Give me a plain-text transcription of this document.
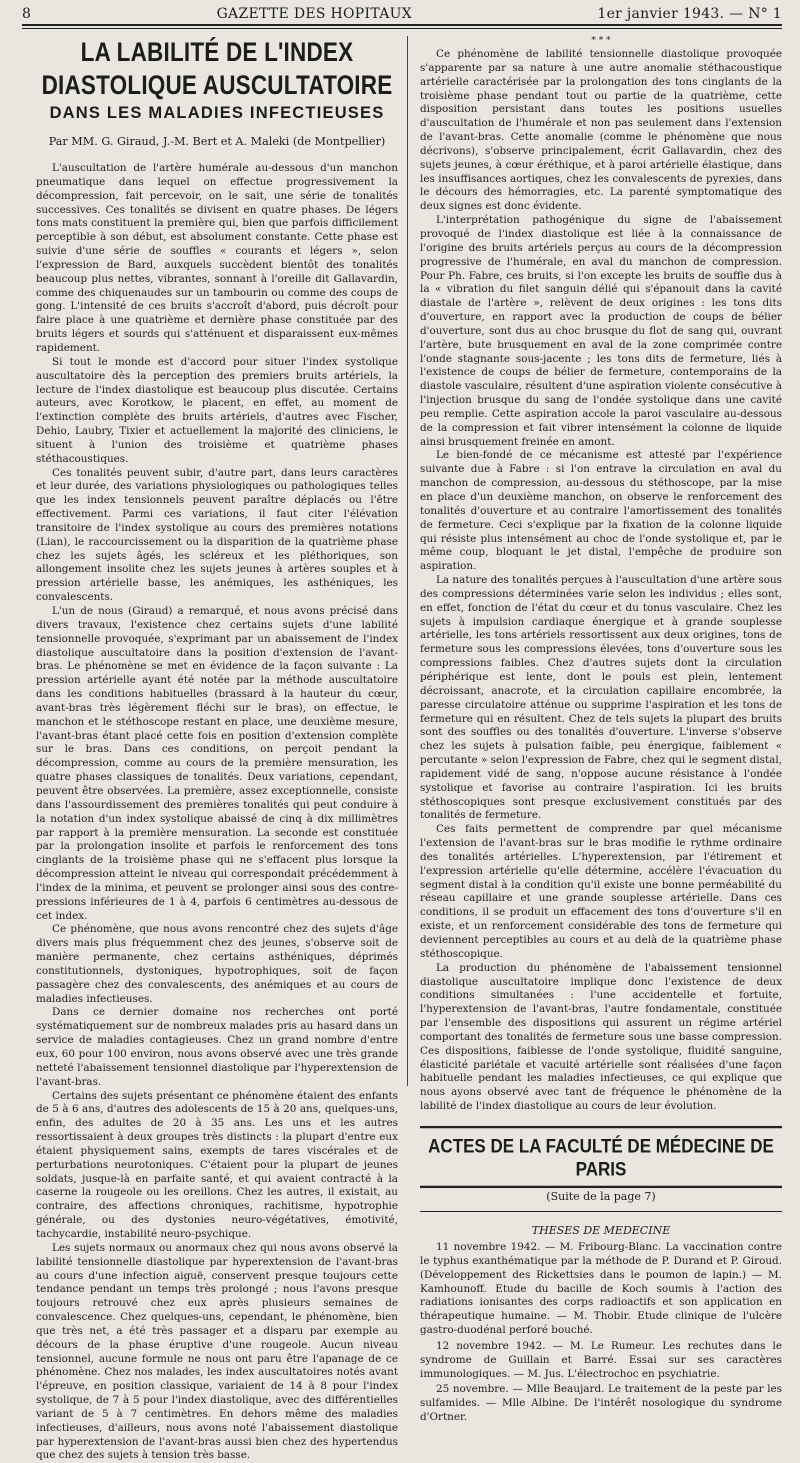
8	GAZETTE DES HOPITAUX	1er janvier 1943. — N° 1
LA LABILITÉ DE L'INDEX DIASTOLIQUE AUSCULTATOIRE
DANS LES MALADIES INFECTIEUSES
Par MM. G. Giraud, J.-M. Bert et A. Maleki (de Montpellier)

L'auscultation de l'artère humérale au-dessous d'un manchon pneumatique dans lequel on effectue progressivement la décompression, fait percevoir, on le sait, une série de tonalités successives. Ces tonalités se divisent en quatre phases. De légers tons mats constituent la première qui, bien que parfois difficilement perceptible à son début, est absolument constante. Cette phase est suivie d'une série de souffles « courants et légers », selon l'expression de Bard, auxquels succèdent bientôt des tonalités beaucoup plus nettes, vibrantes, sonnant à l'oreille dit Gallavardin, comme des chiquenaudes sur un tambourin ou comme des coups de gong. L'intensité de ces bruits s'accroît d'abord, puis décroît pour faire place à une quatrième et dernière phase constituée par des bruits légers et sourds qui s'atténuent et disparaissent eux-mêmes rapidement.

Si tout le monde est d'accord pour situer l'index systolique auscultatoire dès la perception des premiers bruits artériels, la lecture de l'index diastolique est beaucoup plus discutée. Certains auteurs, avec Korotkow, le placent, en effet, au moment de l'extinction complète des bruits artériels, d'autres avec Fischer, Dehio, Laubry, Tixier et actuellement la majorité des cliniciens, le situent à l'union des troisième et quatrième phases stéthacoustiques.

Ces tonalités peuvent subir, d'autre part, dans leurs caractères et leur durée, des variations physiologiques ou pathologiques telles que les index tensionnels peuvent paraître déplacés ou l'être effectivement. Parmi ces variations, il faut citer l'élévation transitoire de l'index systolique au cours des premières notations (Lian), le raccourcissement ou la disparition de la quatrième phase chez les sujets âgés, les scléreux et les pléthoriques, son allongement insolite chez les sujets jeunes à artères souples et à pression artérielle basse, les anémiques, les asthéniques, les convalescents.

L'un de nous (Giraud) a remarqué, et nous avons précisé dans divers travaux, l'existence chez certains sujets d'une labilité tensionnelle provoquée, s'exprimant par un abaissement de l'index diastolique auscultatoire dans la position d'extension de l'avant-bras. Le phénomène se met en évidence de la façon suivante : La pression artérielle ayant été notée par la méthode auscultatoire dans les conditions habituelles (brassard à la hauteur du cœur, avant-bras très légèrement fléchi sur le bras), on effectue, le manchon et le stéthoscope restant en place, une deuxième mesure, l'avant-bras étant placé cette fois en position d'extension complète sur le bras. Dans ces conditions, on perçoit pendant la décompression, comme au cours de la première mensuration, les quatre phases classiques de tonalités. Deux variations, cependant, peuvent être observées. La première, assez exceptionnelle, consiste dans l'assourdissement des premières tonalités qui peut conduire à la notation d'un index systolique abaissé de cinq à dix millimètres par rapport à la première mensuration. La seconde est constituée par la prolongation insolite et parfois le renforcement des tons cinglants de la troisième phase qui ne s'effacent plus lorsque la décompression atteint le niveau qui correspondait précédemment à l'index de la minima, et peuvent se prolonger ainsi sous des contre-pressions inférieures de 1 à 4, parfois 6 centimètres au-dessous de cet index.

Ce phénomène, que nous avons rencontré chez des sujets d'âge divers mais plus fréquemment chez des jeunes, s'observe soit de manière permanente, chez certains asthéniques, déprimés constitutionnels, dystoniques, hypotrophiques, soit de façon passagère chez des convalescents, des anémiques et au cours de maladies infectieuses.

Dans ce dernier domaine nos recherches ont porté systématiquement sur de nombreux malades pris au hasard dans un service de maladies contagieuses. Chez un grand nombre d'entre eux, 60 pour 100 environ, nous avons observé avec une très grande netteté l'abaissement tensionnel diastolique par l'hyperextension de l'avant-bras.

Certains des sujets présentant ce phénomène étaient des enfants de 5 à 6 ans, d'autres des adolescents de 15 à 20 ans, quelques-uns, enfin, des adultes de 20 à 35 ans. Les uns et les autres ressortissaient à deux groupes très distincts : la plupart d'entre eux étaient physiquement sains, exempts de tares viscérales et de perturbations neurotoniques. C'étaient pour la plupart de jeunes soldats, jusque-là en parfaite santé, et qui avaient contracté à la caserne la rougeole ou les oreillons. Chez les autres, il existait, au contraire, des affections chroniques, rachitisme, hypotrophie générale, ou des dystonies neuro-végétatives, émotivité, tachycardie, instabilité neuro-psychique.

Les sujets normaux ou anormaux chez qui nous avons observé la labilité tensionnelle diastolique par hyperextension de l'avant-bras au cours d'une infection aiguë, conservent presque toujours cette tendance pendant un temps très prolongé ; nous l'avons presque toujours retrouvé chez eux après plusieurs semaines de convalescence. Chez quelques-uns, cependant, le phénomène, bien que très net, a été très passager et a disparu par exemple au décours de la phase éruptive d'une rougeole. Aucun niveau tensionnel, aucune formule ne nous ont paru être l'apanage de ce phénomène. Chez nos malades, les index auscultatoires notés avant l'épreuve, en position classique, variaient de 14 à 8 pour l'index systolique, de 7 à 5 pour l'index diastolique, avec des différentielles variant de 5 à 7 centimètres. En dehors même des maladies infectieuses, d'ailleurs, nous avons noté l'abaissement diastolique par hyperextension de l'avant-bras aussi bien chez des hypertendus que chez des sujets à tension très basse.

* * *

Ce phénomène de labilité tensionnelle diastolique provoquée s'apparente par sa nature à une autre anomalie stéthacoustique artérielle caractérisée par la prolongation des tons cinglants de la troisième phase pendant tout ou partie de la quatrième, cette disposition persistant dans toutes les positions usuelles d'auscultation de l'humérale et non pas seulement dans l'extension de l'avant-bras. Cette anomalie (comme le phénomène que nous décrivons), s'observe principalement, écrit Gallavardin, chez des sujets jeunes, à cœur éréthique, et à paroi artérielle élastique, dans les insuffisances aortiques, chez les convalescents de pyrexies, dans le décours des hémorragies, etc. La parenté symptomatique des deux signes est donc évidente.

L'interprétation pathogénique du signe de l'abaissement provoqué de l'index diastolique est liée à la connaissance de l'origine des bruits artériels perçus au cours de la décompression progressive de l'humérale, en aval du manchon de compression. Pour Ph. Fabre, ces bruits, si l'on excepte les bruits de souffle dus à la « vibration du filet sanguin délié qui s'épanouit dans la cavité diastale de l'artère », relèvent de deux origines : les tons dits d'ouverture, en rapport avec la production de coups de bélier d'ouverture, sont dus au choc brusque du flot de sang qui, ouvrant l'artère, bute brusquement en aval de la zone comprimée contre l'onde stagnante sous-jacente ; les tons dits de fermeture, liés à l'existence de coups de bélier de fermeture, contemporains de la diastole vasculaire, résultent d'une aspiration violente consécutive à l'injection brusque du sang de l'ondée systolique dans une cavité peu remplie. Cette aspiration accole la paroi vasculaire au-dessous de la compression et fait vibrer intensément la colonne de liquide ainsi brusquement freinée en amont.

Le bien-fondé de ce mécanisme est attesté par l'expérience suivante due à Fabre : si l'on entrave la circulation en aval du manchon de compression, au-dessous du stéthoscope, par la mise en place d'un deuxième manchon, on observe le renforcement des tonalités d'ouverture et au contraire l'amortissement des tonalités de fermeture. Ceci s'explique par la fixation de la colonne liquide qui résiste plus intensément au choc de l'onde systolique et, par le même coup, bloquant le jet distal, l'empêche de produire son aspiration.

La nature des tonalités perçues à l'auscultation d'une artère sous des compressions déterminées varie selon les individus ; elles sont, en effet, fonction de l'état du cœur et du tonus vasculaire. Chez les sujets à impulsion cardiaque énergique et à grande souplesse artérielle, les tons artériels ressortissent aux deux origines, tons de fermeture sous les compressions élevées, tons d'ouverture sous les compressions faibles. Chez d'autres sujets dont la circulation périphérique est lente, dont le pouls est plein, lentement décroissant, anacrote, et la circulation capillaire encombrée, la paresse circulatoire atténue ou supprime l'aspiration et les tons de fermeture qui en résultent. Chez de tels sujets la plupart des bruits sont des souffles ou des tonalités d'ouverture. L'inverse s'observe chez les sujets à pulsation faible, peu énergique, faiblement « percutante » selon l'expression de Fabre, chez qui le segment distal, rapidement vidé de sang, n'oppose aucune résistance à l'ondée systolique et favorise au contraire l'aspiration. Ici les bruits stéthoscopiques sont presque exclusivement constitués par des tonalités de fermeture.

Ces faits permettent de comprendre par quel mécanisme l'extension de l'avant-bras sur le bras modifie le rythme ordinaire des tonalités artérielles. L'hyperextension, par l'étirement et l'expression artérielle qu'elle détermine, accélère l'évacuation du segment distal à la condition qu'il existe une bonne perméabilité du réseau capillaire et une grande souplesse artérielle. Dans ces conditions, il se produit un effacement des tons d'ouverture s'il en existe, et un renforcement considérable des tons de fermeture qui deviennent perceptibles au cours et au delà de la quatrième phase stéthoscopique.

La production du phénomène de l'abaissement tensionnel diastolique auscultatoire implique donc l'existence de deux conditions simultanées : l'une accidentelle et fortuite, l'hyperextension de l'avant-bras, l'autre fondamentale, constituée par l'ensemble des dispositions qui assurent un régime artériel comportant des tonalités de fermeture sous une basse compression. Ces dispositions, faiblesse de l'onde systolique, fluidité sanguine, élasticité pariétale et vacuité artérielle sont réalisées d'une façon habituelle pendant les maladies infectieuses, ce qui explique que nous ayons observé avec tant de fréquence le phénomène de la labilité de l'index diastolique au cours de leur évolution.

ACTES DE LA FACULTÉ DE MÉDECINE DE PARIS
(Suite de la page 7)
THESES DE MEDECINE

11 novembre 1942. — M. Fribourg-Blanc. La vaccination contre le typhus exanthématique par la méthode de P. Durand et P. Giroud. (Développement des Rickettsies dans le poumon de lapin.) — M. Kamhounoff. Etude du bacille de Koch soumis à l'action des radiations ionisantes des corps radioactifs et son application en thérapeutique humaine. — M. Thobir. Etude clinique de l'ulcère gastro-duodénal perforé bouché.

12 novembre 1942. — M. Le Rumeur. Les rechutes dans le syndrome de Guillain et Barré. Essai sur ses caractères immunologiques. — M. Jus. L'électrochoc en psychiatrie.

25 novembre. — Mlle Beaujard. Le traitement de la peste par les sulfamides. — Mlle Albine. De l'intérêt nosologique du syndrome d'Ortner.
